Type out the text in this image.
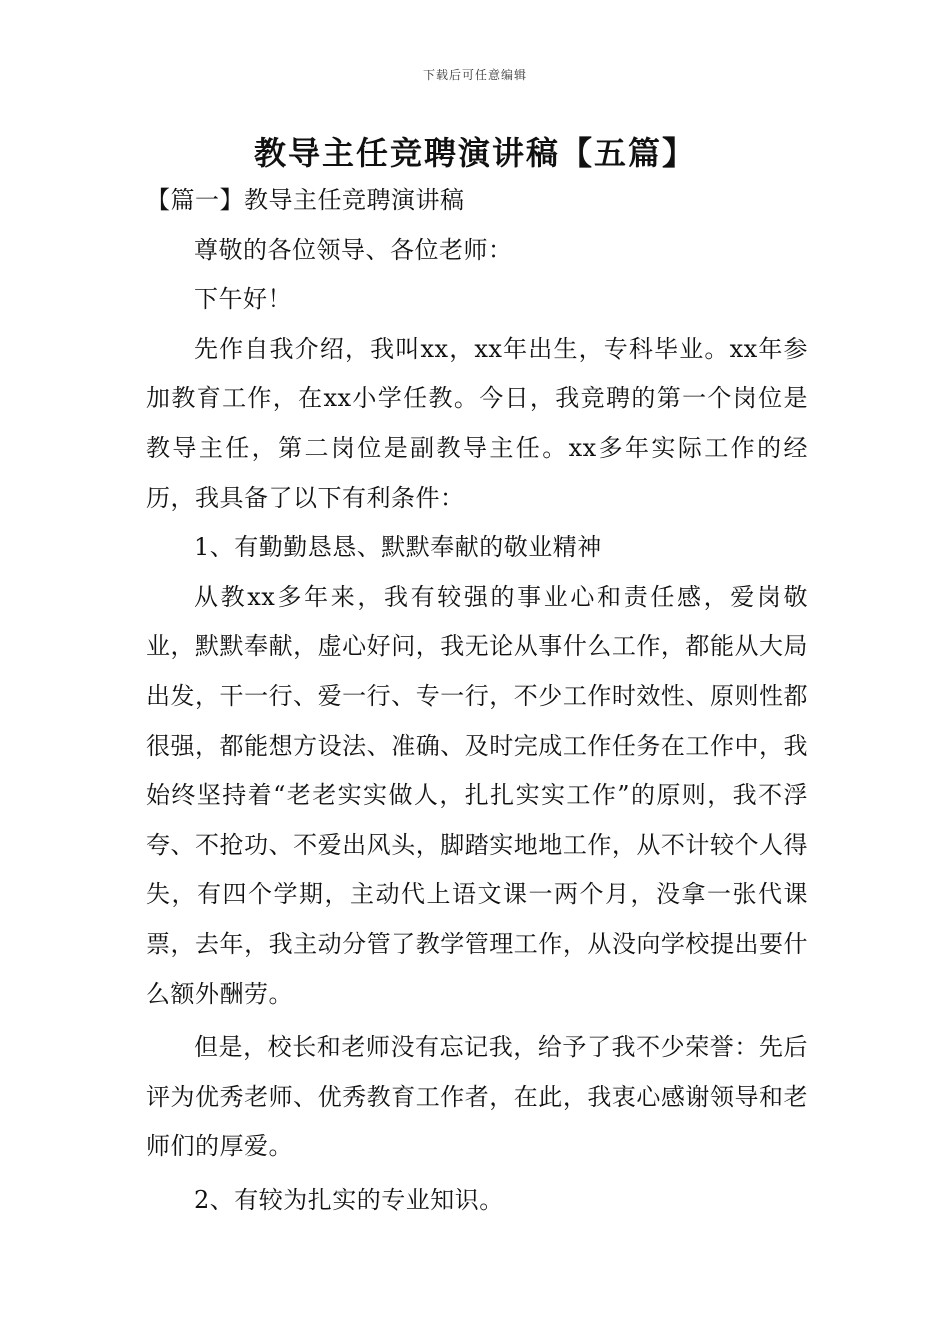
下载后可任意编辑
教导主任竞聘演讲稿【五篇】

【篇一】教导主任竞聘演讲稿

尊敬的各位领导、各位老师：

下午好！

先作自我介绍，我叫xx，xx年出生，专科毕业。xx年参加教育工作，在xx小学任教。今日，我竞聘的第一个岗位是教导主任，第二岗位是副教导主任。xx多年实际工作的经历，我具备了以下有利条件：

1、有勤勤恳恳、默默奉献的敬业精神

从教xx多年来，我有较强的事业心和责任感，爱岗敬业，默默奉献，虚心好问，我无论从事什么工作，都能从大局出发，干一行、爱一行、专一行，不少工作时效性、原则性都很强，都能想方设法、准确、及时完成工作任务在工作中，我始终坚持着“老老实实做人，扎扎实实工作”的原则，我不浮夸、不抢功、不爱出风头，脚踏实地地工作，从不计较个人得失，有四个学期，主动代上语文课一两个月，没拿一张代课票，去年，我主动分管了教学管理工作，从没向学校提出要什么额外酬劳。

但是，校长和老师没有忘记我，给予了我不少荣誉：先后评为优秀老师、优秀教育工作者，在此，我衷心感谢领导和老师们的厚爱。

2、有较为扎实的专业知识。
